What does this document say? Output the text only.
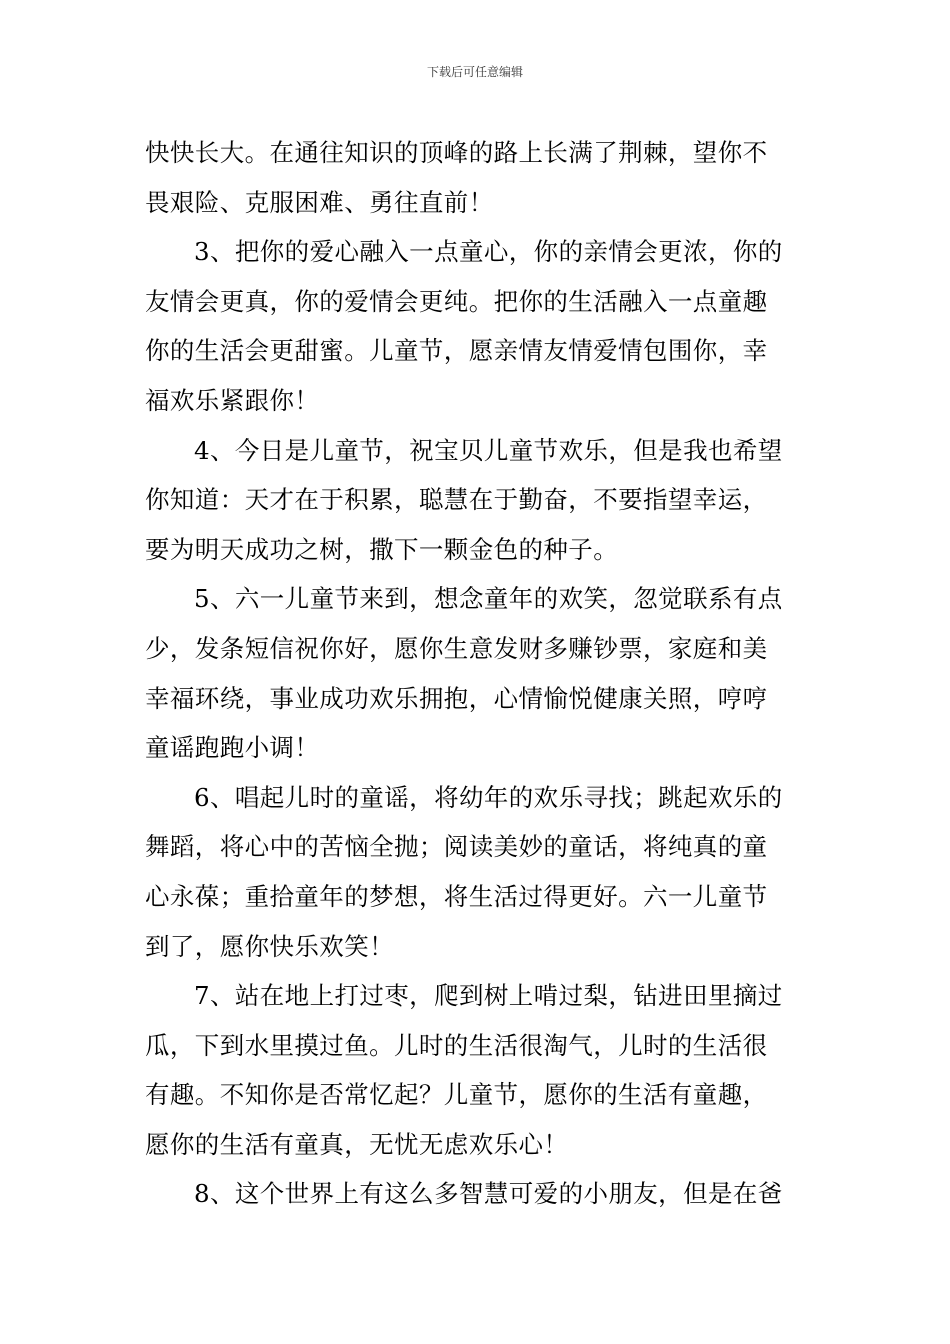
下载后可任意编辑
快快长大。在通往知识的顶峰的路上长满了荆棘，望你不
畏艰险、克服困难、勇往直前！
3、把你的爱心融入一点童心，你的亲情会更浓，你的
友情会更真，你的爱情会更纯。把你的生活融入一点童趣
你的生活会更甜蜜。儿童节，愿亲情友情爱情包围你，幸
福欢乐紧跟你！
4、今日是儿童节，祝宝贝儿童节欢乐，但是我也希望
你知道：天才在于积累，聪慧在于勤奋，不要指望幸运，
要为明天成功之树，撒下一颗金色的种子。
5、六一儿童节来到，想念童年的欢笑，忽觉联系有点
少，发条短信祝你好，愿你生意发财多赚钞票，家庭和美
幸福环绕，事业成功欢乐拥抱，心情愉悦健康关照，哼哼
童谣跑跑小调！
6、唱起儿时的童谣，将幼年的欢乐寻找；跳起欢乐的
舞蹈，将心中的苦恼全抛；阅读美妙的童话，将纯真的童
心永葆；重拾童年的梦想，将生活过得更好。六一儿童节
到了，愿你快乐欢笑！
7、站在地上打过枣，爬到树上啃过梨，钻进田里摘过
瓜，下到水里摸过鱼。儿时的生活很淘气，儿时的生活很
有趣。不知你是否常忆起？儿童节，愿你的生活有童趣，
愿你的生活有童真，无忧无虑欢乐心！
8、这个世界上有这么多智慧可爱的小朋友，但是在爸
